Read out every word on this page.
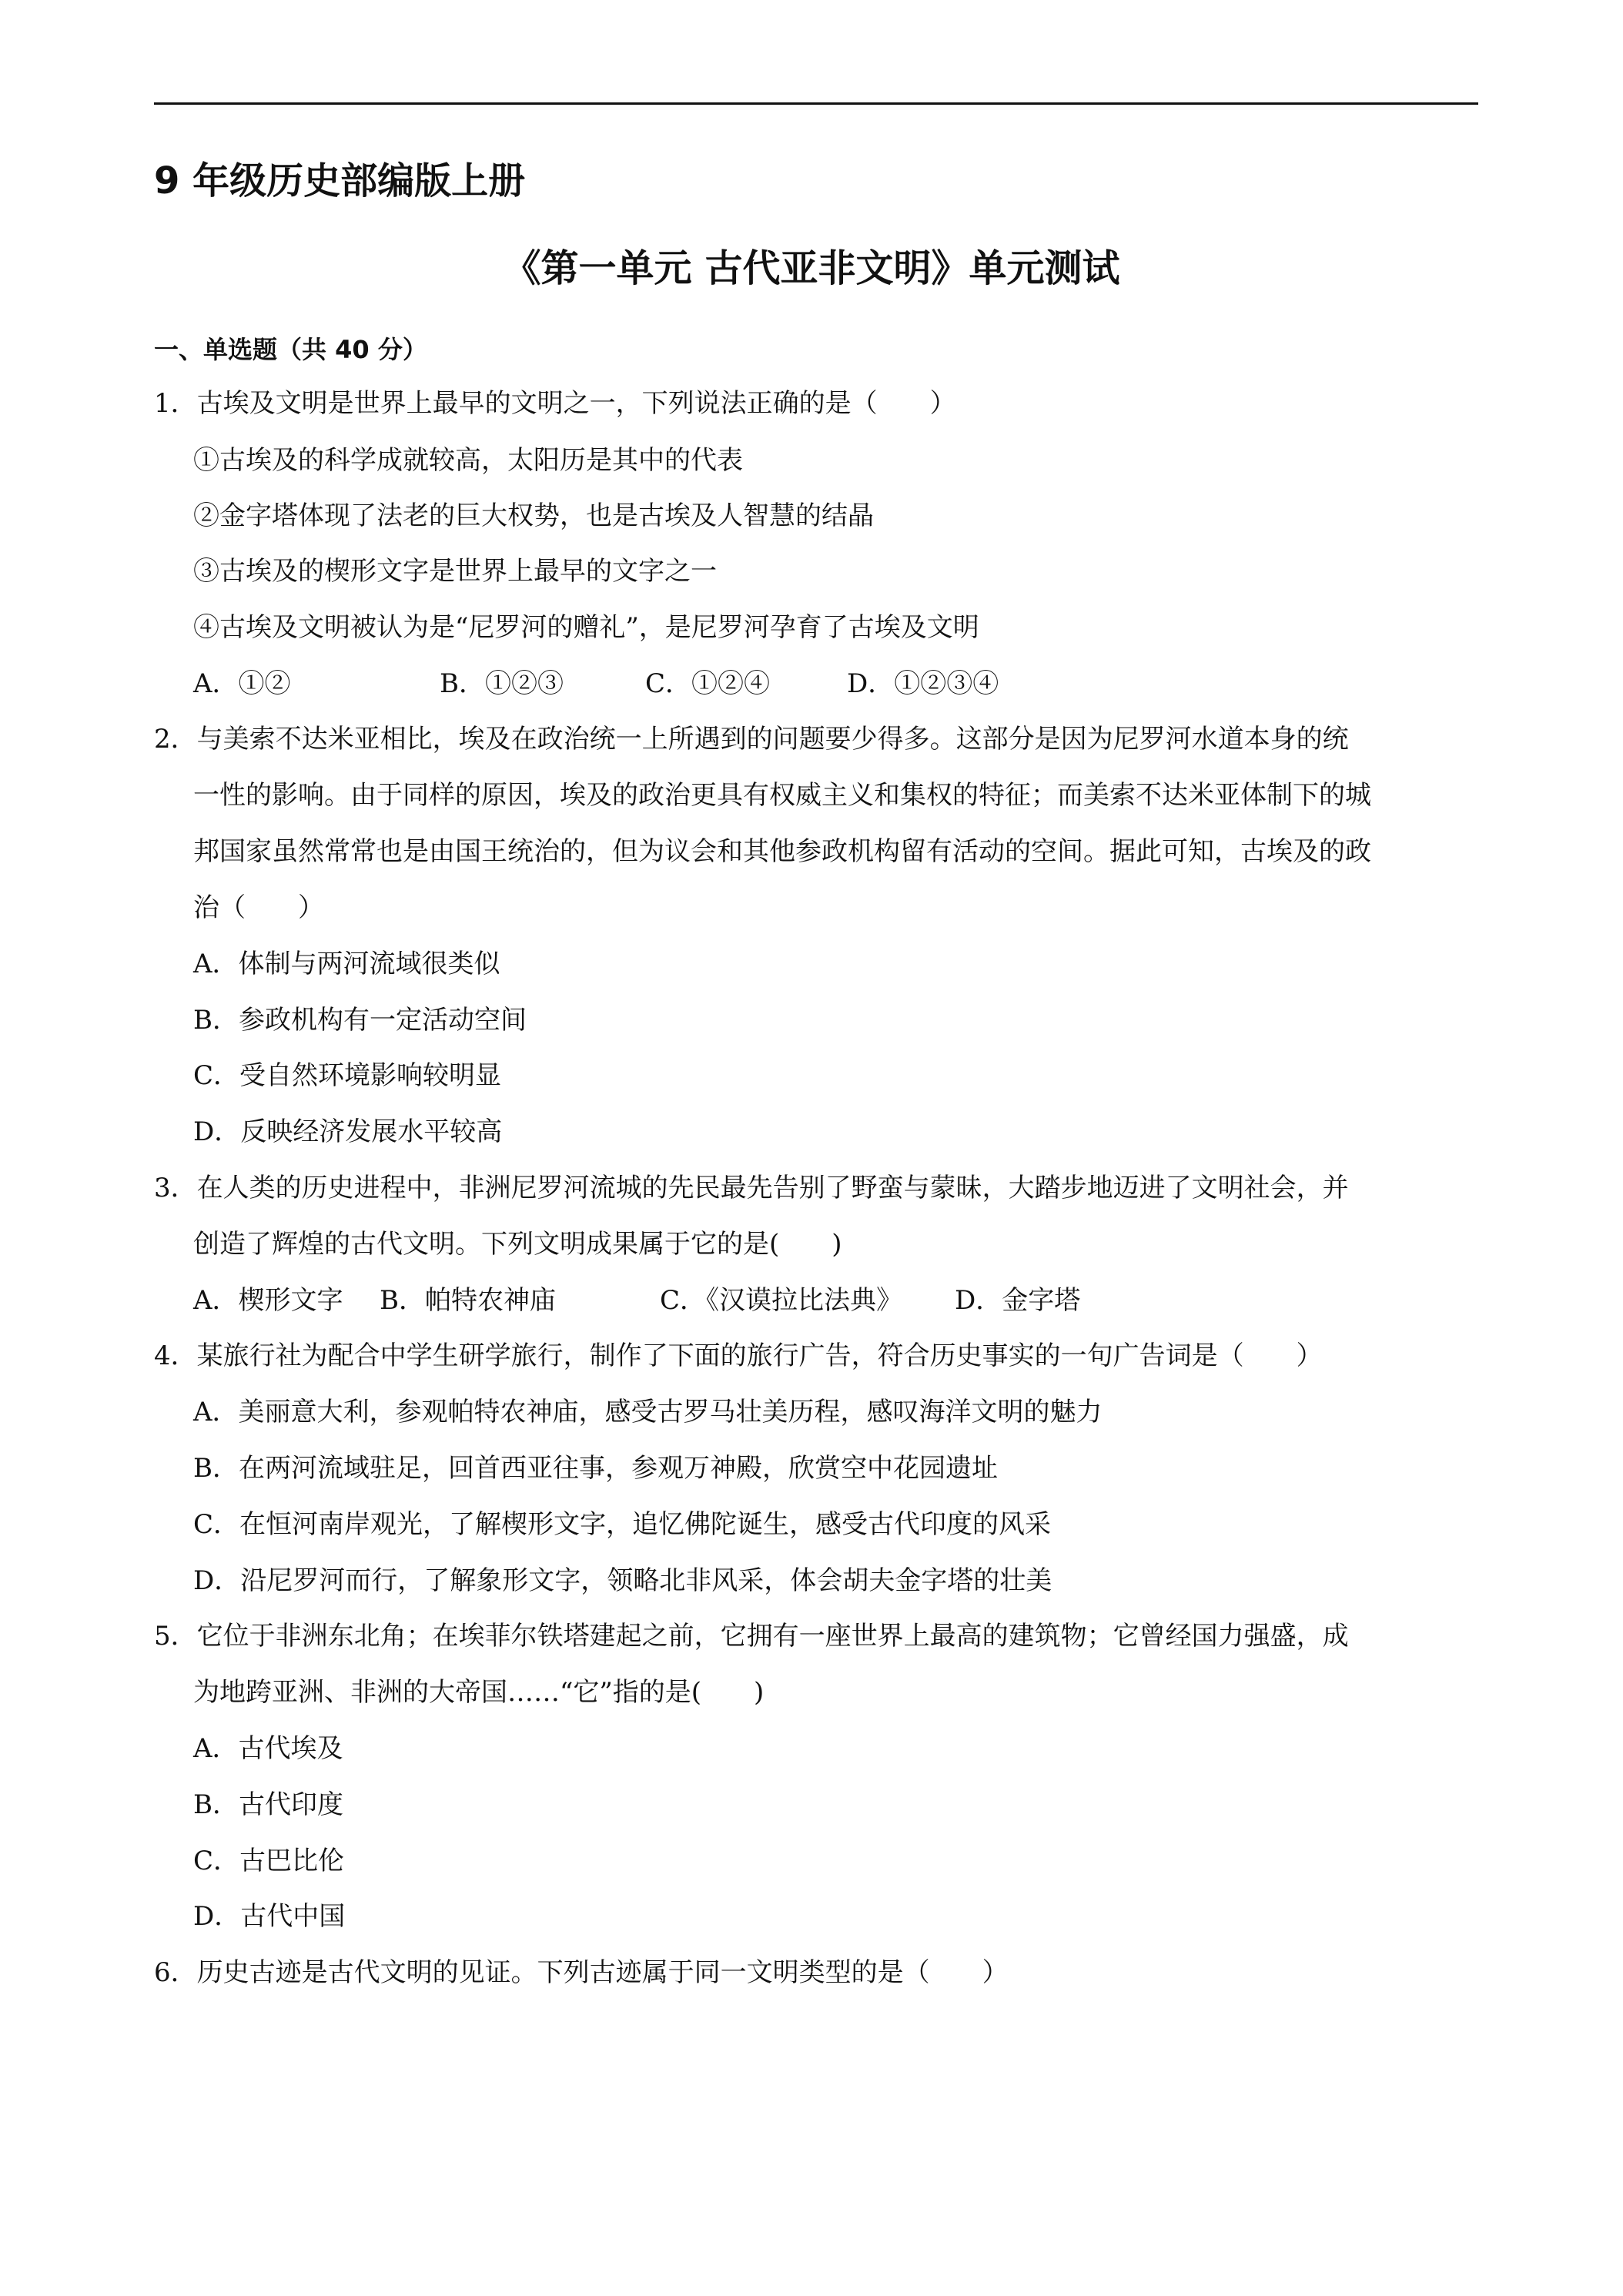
9 年级历史部编版上册
《第一单元 古代亚非文明》单元测试
一、单选题（共 40 分）
1．古埃及文明是世界上最早的文明之一，下列说法正确的是（　　）
①古埃及的科学成就较高，太阳历是其中的代表
②金字塔体现了法老的巨大权势，也是古埃及人智慧的结晶
③古埃及的楔形文字是世界上最早的文字之一
④古埃及文明被认为是“尼罗河的赠礼”，是尼罗河孕育了古埃及文明
A．①②	B．①②③	C．①②④	D．①②③④
2．与美索不达米亚相比，埃及在政治统一上所遇到的问题要少得多。这部分是因为尼罗河水道本身的统
一性的影响。由于同样的原因，埃及的政治更具有权威主义和集权的特征；而美索不达米亚体制下的城
邦国家虽然常常也是由国王统治的，但为议会和其他参政机构留有活动的空间。据此可知，古埃及的政
治（　　）
A．体制与两河流域很类似
B．参政机构有一定活动空间
C．受自然环境影响较明显
D．反映经济发展水平较高
3．在人类的历史进程中，非洲尼罗河流城的先民最先告别了野蛮与蒙昧，大踏步地迈进了文明社会，并
创造了辉煌的古代文明。下列文明成果属于它的是(　　)
A．楔形文字 B．帕特农神庙	C．《汉谟拉比法典》 D．金字塔
4．某旅行社为配合中学生研学旅行，制作了下面的旅行广告，符合历史事实的一句广告词是（　　）
A．美丽意大利，参观帕特农神庙，感受古罗马壮美历程，感叹海洋文明的魅力
B．在两河流域驻足，回首西亚往事，参观万神殿，欣赏空中花园遗址
C．在恒河南岸观光，了解楔形文字，追忆佛陀诞生，感受古代印度的风采
D．沿尼罗河而行，了解象形文字，领略北非风采，体会胡夫金字塔的壮美
5．它位于非洲东北角；在埃菲尔铁塔建起之前，它拥有一座世界上最高的建筑物；它曾经国力强盛，成
为地跨亚洲、非洲的大帝国……“它”指的是(　　)
A．古代埃及
B．古代印度
C．古巴比伦
D．古代中国
6．历史古迹是古代文明的见证。下列古迹属于同一文明类型的是（　　）
